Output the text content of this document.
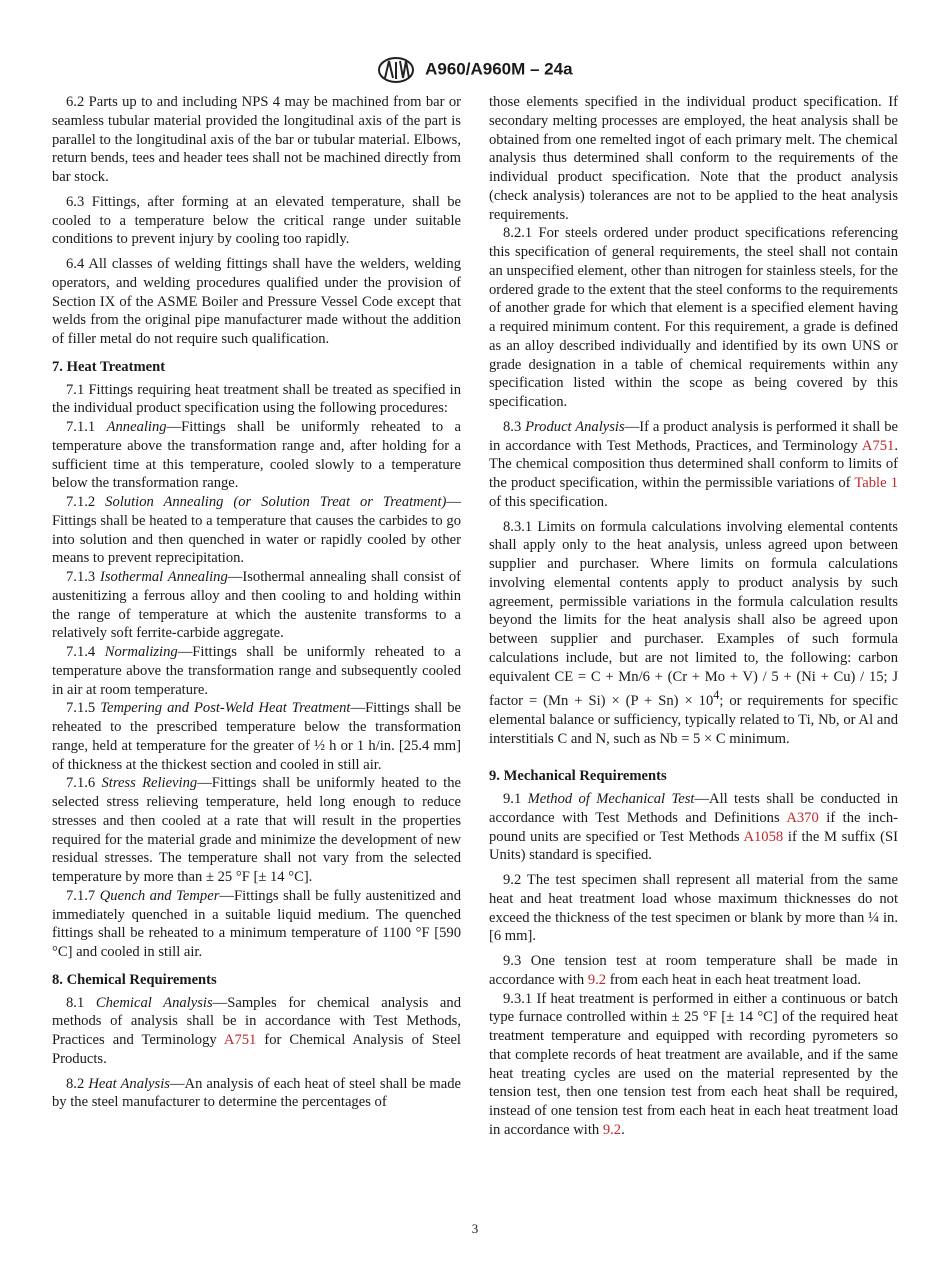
A960/A960M – 24a

6.2 Parts up to and including NPS 4 may be machined from bar or seamless tubular material provided the longitudinal axis of the part is parallel to the longitudinal axis of the bar or tubular material. Elbows, return bends, tees and header tees shall not be machined directly from bar stock.

6.3 Fittings, after forming at an elevated temperature, shall be cooled to a temperature below the critical range under suitable conditions to prevent injury by cooling too rapidly.

6.4 All classes of welding fittings shall have the welders, welding operators, and welding procedures qualified under the provision of Section IX of the ASME Boiler and Pressure Vessel Code except that welds from the original pipe manufacturer made without the addition of filler metal do not require such qualification.

7. Heat Treatment

7.1 Fittings requiring heat treatment shall be treated as specified in the individual product specification using the following procedures:

7.1.1 Annealing—Fittings shall be uniformly reheated to a temperature above the transformation range and, after holding for a sufficient time at this temperature, cooled slowly to a temperature below the transformation range.

7.1.2 Solution Annealing (or Solution Treat or Treatment)—Fittings shall be heated to a temperature that causes the carbides to go into solution and then quenched in water or rapidly cooled by other means to prevent reprecipitation.

7.1.3 Isothermal Annealing—Isothermal annealing shall consist of austenitizing a ferrous alloy and then cooling to and holding within the range of temperature at which the austenite transforms to a relatively soft ferrite-carbide aggregate.

7.1.4 Normalizing—Fittings shall be uniformly reheated to a temperature above the transformation range and subsequently cooled in air at room temperature.

7.1.5 Tempering and Post-Weld Heat Treatment—Fittings shall be reheated to the prescribed temperature below the transformation range, held at temperature for the greater of ½ h or 1 h/in. [25.4 mm] of thickness at the thickest section and cooled in still air.

7.1.6 Stress Relieving—Fittings shall be uniformly heated to the selected stress relieving temperature, held long enough to reduce stresses and then cooled at a rate that will result in the properties required for the material grade and minimize the development of new residual stresses. The temperature shall not vary from the selected temperature by more than ± 25 °F [± 14 °C].

7.1.7 Quench and Temper—Fittings shall be fully austenitized and immediately quenched in a suitable liquid medium. The quenched fittings shall be reheated to a minimum temperature of 1100 °F [590 °C] and cooled in still air.

8. Chemical Requirements

8.1 Chemical Analysis—Samples for chemical analysis and methods of analysis shall be in accordance with Test Methods, Practices and Terminology A751 for Chemical Analysis of Steel Products.

8.2 Heat Analysis—An analysis of each heat of steel shall be made by the steel manufacturer to determine the percentages of

those elements specified in the individual product specification. If secondary melting processes are employed, the heat analysis shall be obtained from one remelted ingot of each primary melt. The chemical analysis thus determined shall conform to the requirements of the individual product specification. Note that the product analysis (check analysis) tolerances are not to be applied to the heat analysis requirements.

8.2.1 For steels ordered under product specifications referencing this specification of general requirements, the steel shall not contain an unspecified element, other than nitrogen for stainless steels, for the ordered grade to the extent that the steel conforms to the requirements of another grade for which that element is a specified element having a required minimum content. For this requirement, a grade is defined as an alloy described individually and identified by its own UNS or grade designation in a table of chemical requirements within any specification listed within the scope as being covered by this specification.

8.3 Product Analysis—If a product analysis is performed it shall be in accordance with Test Methods, Practices, and Terminology A751. The chemical composition thus determined shall conform to limits of the product specification, within the permissible variations of Table 1 of this specification.

8.3.1 Limits on formula calculations involving elemental contents shall apply only to the heat analysis, unless agreed upon between supplier and purchaser. Where limits on formula calculations involving elemental contents apply to product analysis by such agreement, permissible variations in the formula calculation results beyond the limits for the heat analysis shall also be agreed upon between supplier and purchaser. Examples of such formula calculations include, but are not limited to, the following: carbon equivalent CE = C + Mn/6 + (Cr + Mo + V) / 5 + (Ni + Cu) / 15; J factor = $(Mn + Si) \times (P + Sn) \times 10^4$; or requirements for specific elemental balance or sufficiency, typically related to Ti, Nb, or Al and interstitials C and N, such as Nb = 5 × C minimum.

9. Mechanical Requirements

9.1 Method of Mechanical Test—All tests shall be conducted in accordance with Test Methods and Definitions A370 if the inch-pound units are specified or Test Methods A1058 if the M suffix (SI Units) standard is specified.

9.2 The test specimen shall represent all material from the same heat and heat treatment load whose maximum thicknesses do not exceed the thickness of the test specimen or blank by more than ¼ in. [6 mm].

9.3 One tension test at room temperature shall be made in accordance with 9.2 from each heat in each heat treatment load.

9.3.1 If heat treatment is performed in either a continuous or batch type furnace controlled within ± 25 °F [± 14 °C] of the required heat treatment temperature and equipped with recording pyrometers so that complete records of heat treatment are available, and if the same heat treating cycles are used on the material represented by the tension test, then one tension test from each heat shall be required, instead of one tension test from each heat in each heat treatment load in accordance with 9.2.

3
